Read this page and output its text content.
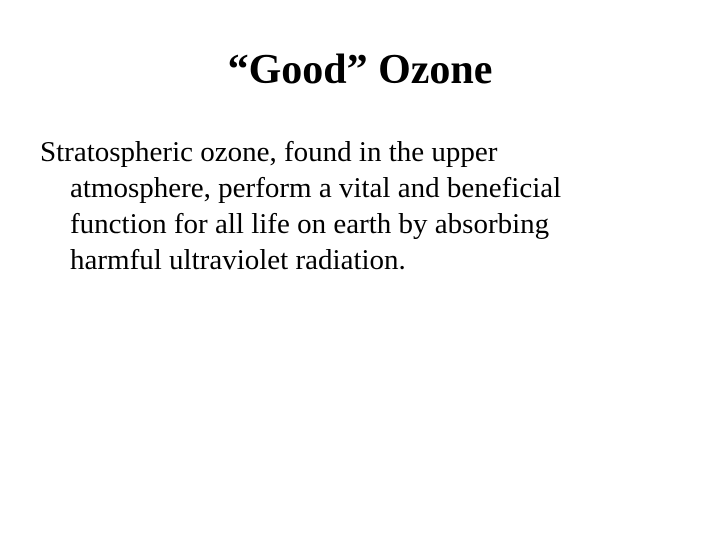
“Good” Ozone
Stratospheric ozone, found in the upper atmosphere, perform a vital and beneficial function for all life on earth by absorbing harmful ultraviolet radiation.
